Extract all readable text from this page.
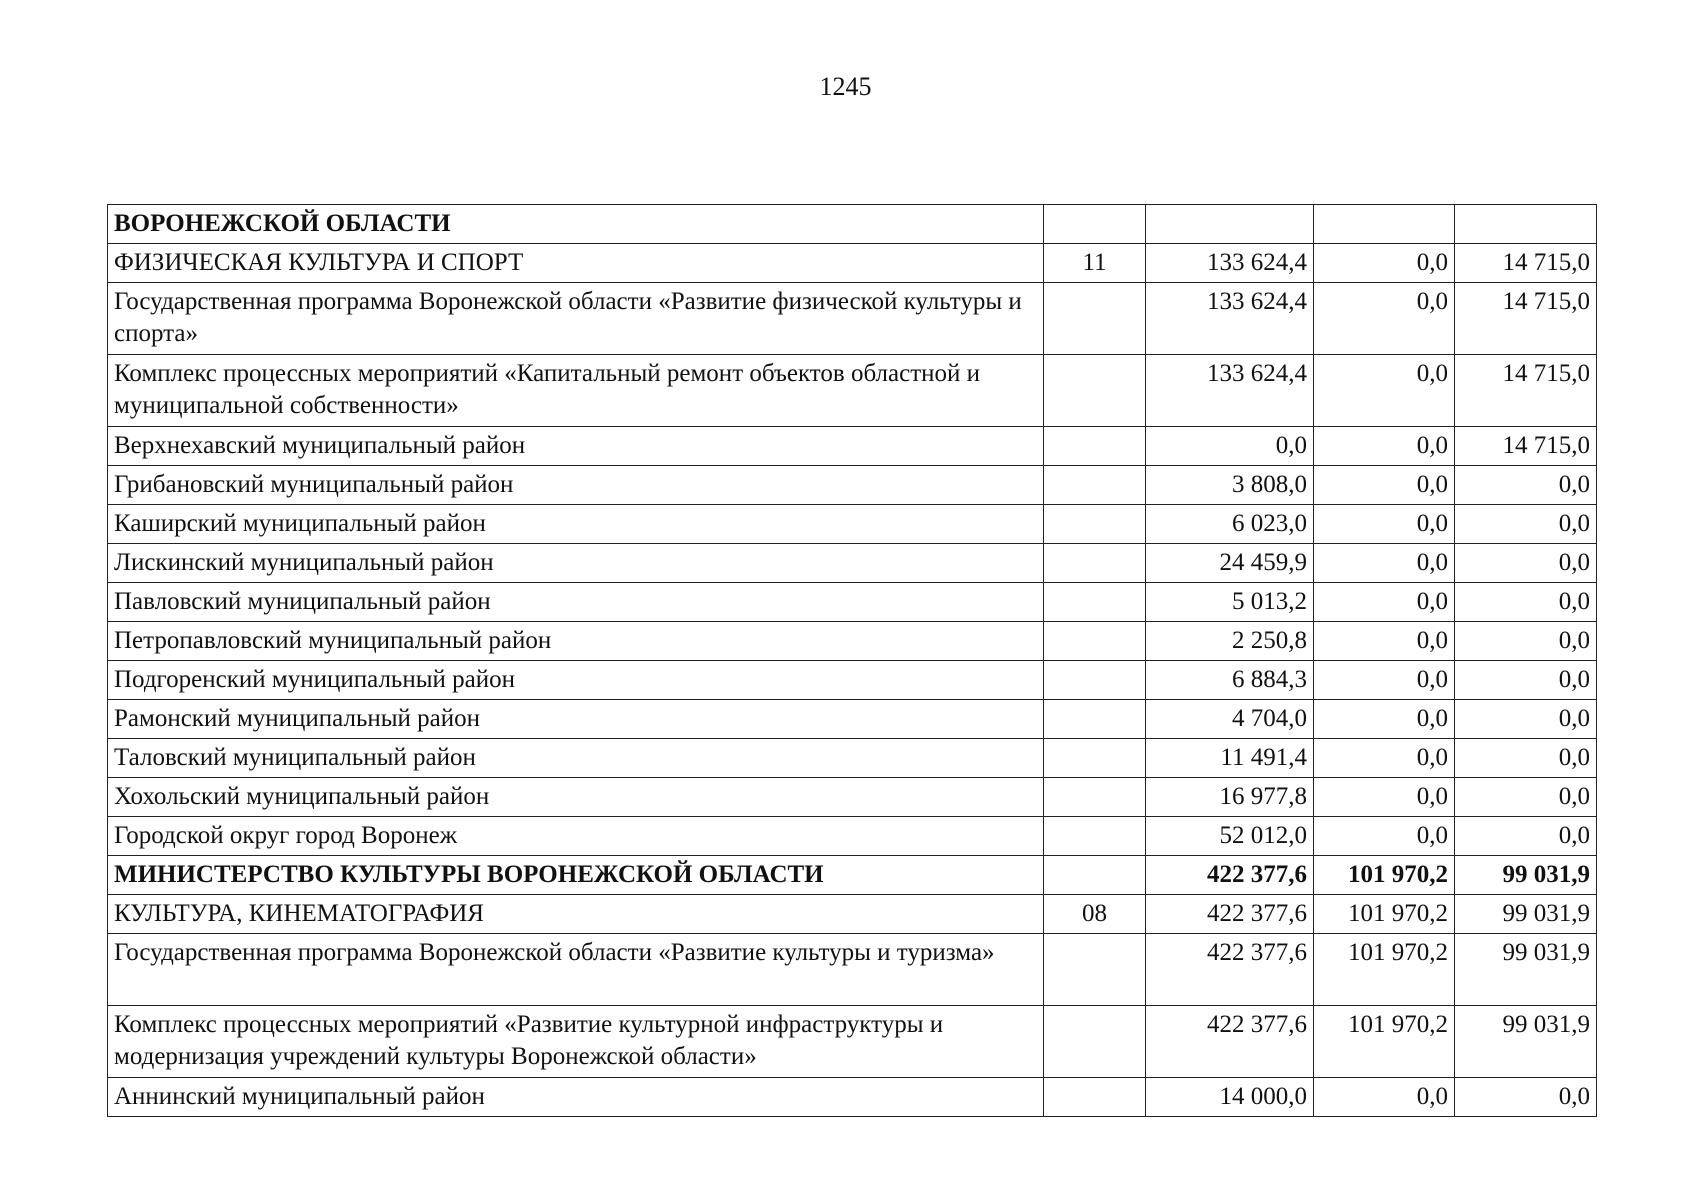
1245
ВОРОНЕЖСКОЙ ОБЛАСТИ				
ФИЗИЧЕСКАЯ КУЛЬТУРА И СПОРТ	11	133 624,4	0,0	14 715,0
Государственная программа Воронежской области «Развитие физической культуры и спорта»		133 624,4	0,0	14 715,0
Комплекс процессных мероприятий «Капитальный ремонт объектов областной и муниципальной собственности»		133 624,4	0,0	14 715,0
Верхнехавский муниципальный район		0,0	0,0	14 715,0
Грибановский муниципальный район		3 808,0	0,0	0,0
Каширский муниципальный район		6 023,0	0,0	0,0
Лискинский муниципальный район		24 459,9	0,0	0,0
Павловский муниципальный район		5 013,2	0,0	0,0
Петропавловский муниципальный район		2 250,8	0,0	0,0
Подгоренский муниципальный район		6 884,3	0,0	0,0
Рамонский муниципальный район		4 704,0	0,0	0,0
Таловский муниципальный район		11 491,4	0,0	0,0
Хохольский муниципальный район		16 977,8	0,0	0,0
Городской округ город Воронеж		52 012,0	0,0	0,0
МИНИСТЕРСТВО КУЛЬТУРЫ ВОРОНЕЖСКОЙ ОБЛАСТИ		422 377,6	101 970,2	99 031,9
КУЛЬТУРА, КИНЕМАТОГРАФИЯ	08	422 377,6	101 970,2	99 031,9
Государственная программа Воронежской области «Развитие культуры и туризма»		422 377,6	101 970,2	99 031,9
Комплекс процессных мероприятий «Развитие культурной инфраструктуры и модернизация учреждений культуры Воронежской области»		422 377,6	101 970,2	99 031,9
Аннинский муниципальный район		14 000,0	0,0	0,0
